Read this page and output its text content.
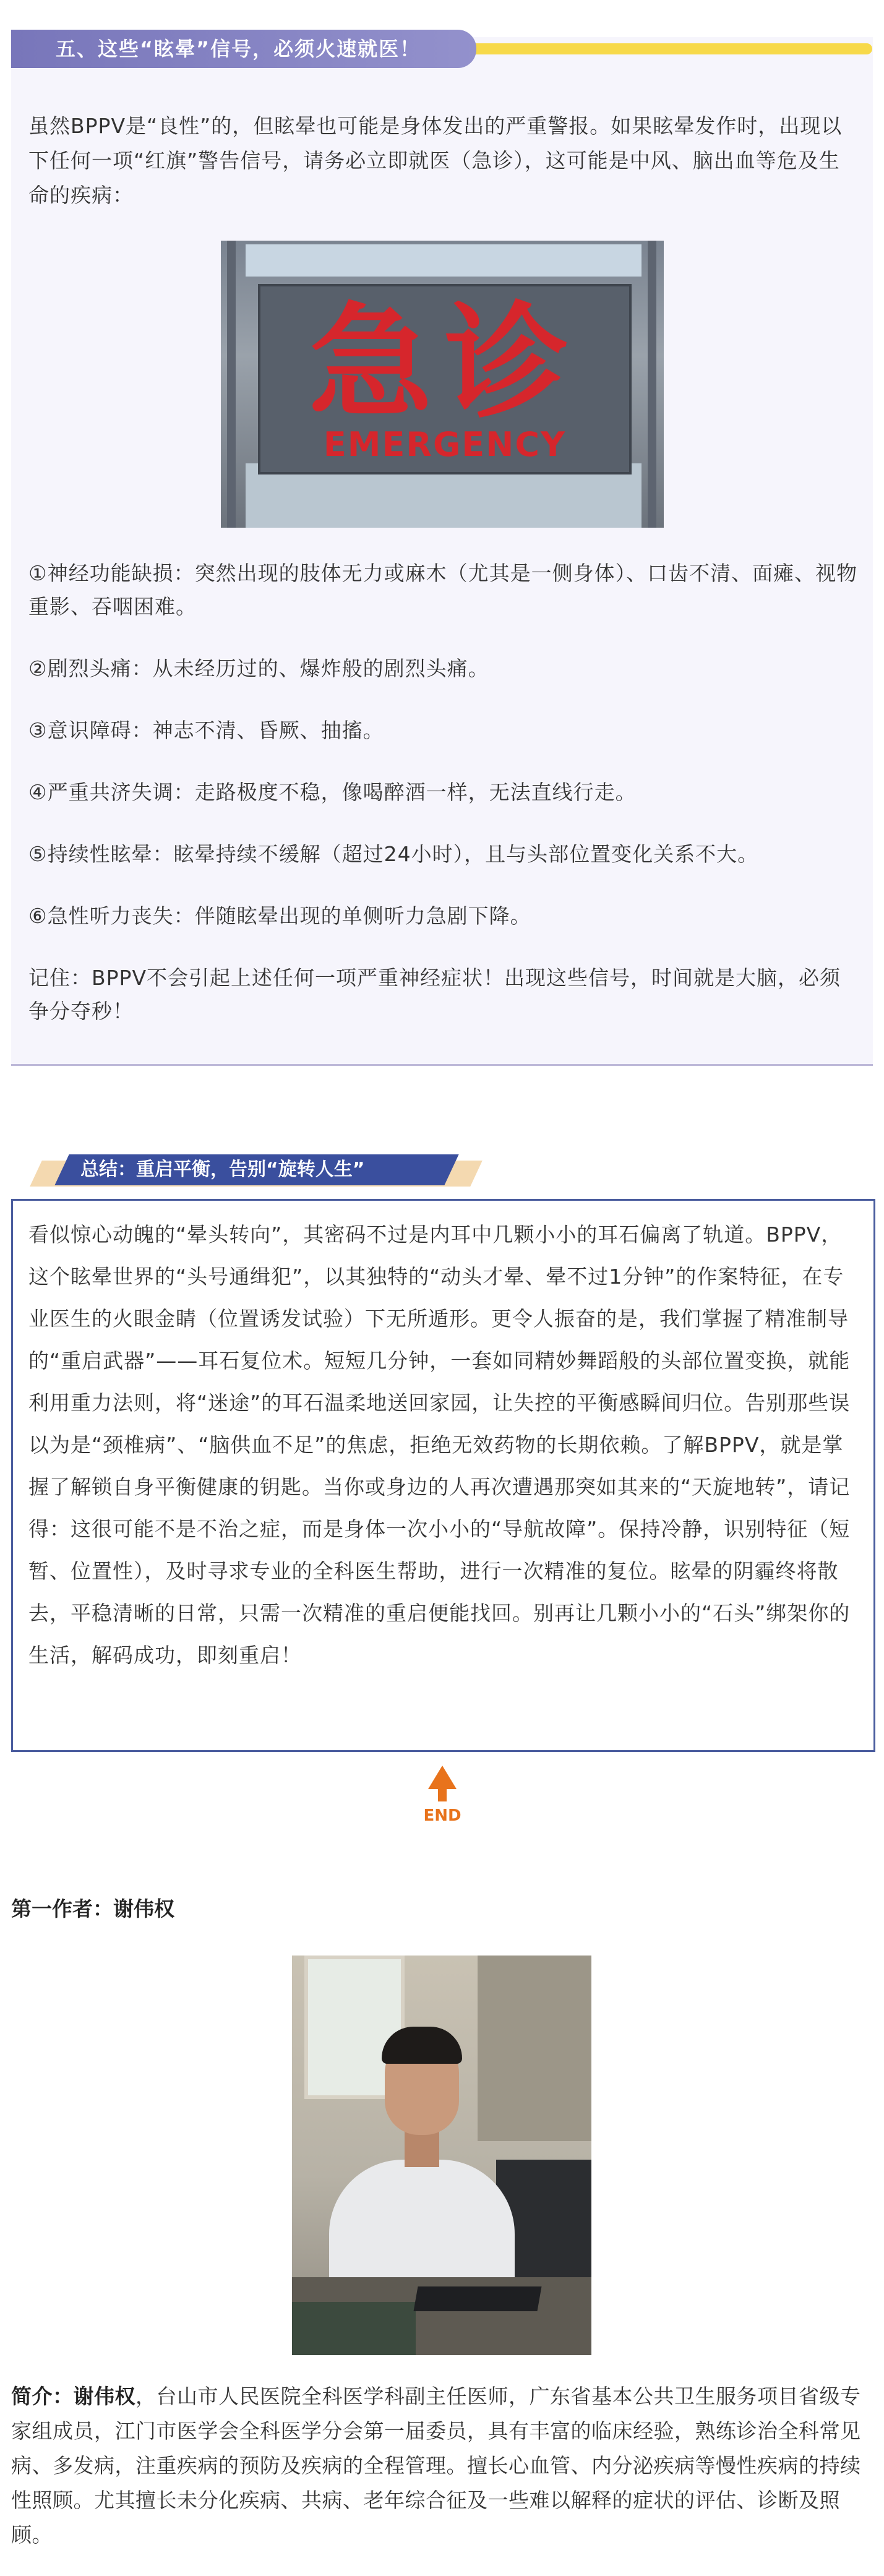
五、这些“眩晕”信号，必须火速就医！

虽然BPPV是“良性”的，但眩晕也可能是身体发出的严重警报。如果眩晕发作时，出现以下任何一项“红旗”警告信号，请务必立即就医（急诊），这可能是中风、脑出血等危及生命的疾病：

急诊
EMERGENCY

①神经功能缺损：突然出现的肢体无力或麻木（尤其是一侧身体）、口齿不清、面瘫、视物重影、吞咽困难。

②剧烈头痛：从未经历过的、爆炸般的剧烈头痛。

③意识障碍：神志不清、昏厥、抽搐。

④严重共济失调：走路极度不稳，像喝醉酒一样，无法直线行走。

⑤持续性眩晕：眩晕持续不缓解（超过24小时），且与头部位置变化关系不大。

⑥急性听力丧失：伴随眩晕出现的单侧听力急剧下降。

记住：BPPV不会引起上述任何一项严重神经症状！出现这些信号，时间就是大脑，必须争分夺秒！

总结：重启平衡，告别“旋转人生”

看似惊心动魄的“晕头转向”，其密码不过是内耳中几颗小小的耳石偏离了轨道。BPPV，这个眩晕世界的“头号通缉犯”，以其独特的“动头才晕、晕不过1分钟”的作案特征，在专业医生的火眼金睛（位置诱发试验）下无所遁形。更令人振奋的是，我们掌握了精准制导的“重启武器”——耳石复位术。短短几分钟，一套如同精妙舞蹈般的头部位置变换，就能利用重力法则，将“迷途”的耳石温柔地送回家园，让失控的平衡感瞬间归位。告别那些误以为是“颈椎病”、“脑供血不足”的焦虑，拒绝无效药物的长期依赖。了解BPPV，就是掌握了解锁自身平衡健康的钥匙。当你或身边的人再次遭遇那突如其来的“天旋地转”，请记得：这很可能不是不治之症，而是身体一次小小的“导航故障”。保持冷静，识别特征（短暂、位置性），及时寻求专业的全科医生帮助，进行一次精准的复位。眩晕的阴霾终将散去，平稳清晰的日常，只需一次精准的重启便能找回。别再让几颗小小的“石头”绑架你的生活，解码成功，即刻重启！

END
第一作者：谢伟权

简介：谢伟权，台山市人民医院全科医学科副主任医师，广东省基本公共卫生服务项目省级专家组成员，江门市医学会全科医学分会第一届委员，具有丰富的临床经验，熟练诊治全科常见病、多发病，注重疾病的预防及疾病的全程管理。擅长心血管、内分泌疾病等慢性疾病的持续性照顾。尤其擅长未分化疾病、共病、老年综合征及一些难以解释的症状的评估、诊断及照顾。
